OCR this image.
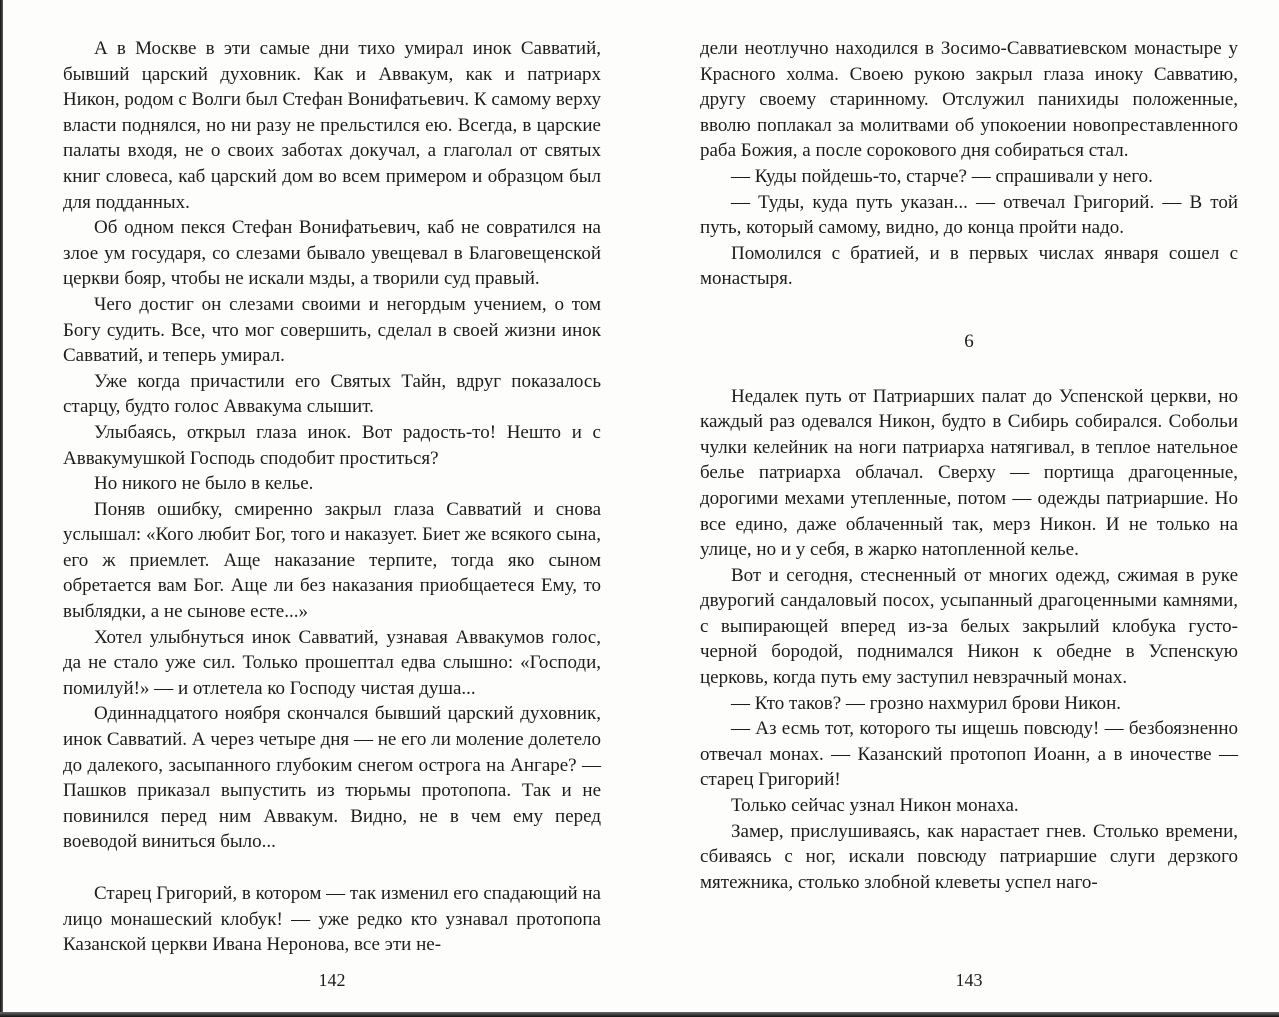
А в Москве в эти самые дни тихо умирал инок Савватий, бывший царский духовник. Как и Аввакум, как и патриарх Никон, родом с Волги был Стефан Вонифатьевич. К самому верху власти поднялся, но ни разу не прельстился ею. Всегда, в царские палаты входя, не о своих заботах докучал, а глаголал от святых книг словеса, каб царский дом во всем примером и образцом был для подданных.

Об одном пекся Стефан Вонифатьевич, каб не совратился на злое ум государя, со слезами бывало увещевал в Благовещенской церкви бояр, чтобы не искали мзды, а творили суд правый.

Чего достиг он слезами своими и негордым учением, о том Богу судить. Все, что мог совершить, сделал в своей жизни инок Савватий, и теперь умирал.

Уже когда причастили его Святых Тайн, вдруг показалось старцу, будто голос Аввакума слышит.

Улыбаясь, открыл глаза инок. Вот радость-то! Нешто и с Аввакумушкой Господь сподобит проститься?

Но никого не было в келье.

Поняв ошибку, смиренно закрыл глаза Савватий и снова услышал: «Кого любит Бог, того и наказует. Биет же всякого сына, его ж приемлет. Аще наказание терпите, тогда яко сыном обретается вам Бог. Аще ли без наказания приобщаетеся Ему, то выблядки, а не сынове есте...»

Хотел улыбнуться инок Савватий, узнавая Аввакумов голос, да не стало уже сил. Только прошептал едва слышно: «Господи, помилуй!» — и отлетела ко Господу чистая душа...

Одиннадцатого ноября скончался бывший царский духовник, инок Савватий. А через четыре дня — не его ли моление долетело до далекого, засыпанного глубоким снегом острога на Ангаре? — Пашков приказал выпустить из тюрьмы протопопа. Так и не повинился перед ним Аввакум. Видно, не в чем ему перед воеводой виниться было...

Старец Григорий, в котором — так изменил его спадающий на лицо монашеский клобук! — уже редко кто узнавал протопопа Казанской церкви Ивана Неронова, все эти не-

дели неотлучно находился в Зосимо-Савватиевском монастыре у Красного холма. Своею рукою закрыл глаза иноку Савватию, другу своему старинному. Отслужил панихиды положенные, вволю поплакал за молитвами об упокоении новопреставленного раба Божия, а после сорокового дня собираться стал.

— Куды пойдешь-то, старче? — спрашивали у него.

— Туды, куда путь указан... — отвечал Григорий. — В той путь, который самому, видно, до конца пройти надо.

Помолился с братией, и в первых числах января сошел с монастыря.

6

Недалек путь от Патриарших палат до Успенской церкви, но каждый раз одевался Никон, будто в Сибирь собирался. Собольи чулки келейник на ноги патриарха натягивал, в теплое нательное белье патриарха облачал. Сверху — портища драгоценные, дорогими мехами утепленные, потом — одежды патриаршие. Но все едино, даже облаченный так, мерз Никон. И не только на улице, но и у себя, в жарко натопленной келье.

Вот и сегодня, стесненный от многих одежд, сжимая в руке двурогий сандаловый посох, усыпанный драгоценными камнями, с выпирающей вперед из-за белых закрылий клобука густо-черной бородой, поднимался Никон к обедне в Успенскую церковь, когда путь ему заступил невзрачный монах.

— Кто таков? — грозно нахмурил брови Никон.

— Аз есмь тот, которого ты ищешь повсюду! — безбоязненно отвечал монах. — Казанский протопоп Иоанн, а в иночестве — старец Григорий!

Только сейчас узнал Никон монаха.

Замер, прислушиваясь, как нарастает гнев. Столько времени, сбиваясь с ног, искали повсюду патриаршие слуги дерзкого мятежника, столько злобной клеветы успел наго-

142	143
